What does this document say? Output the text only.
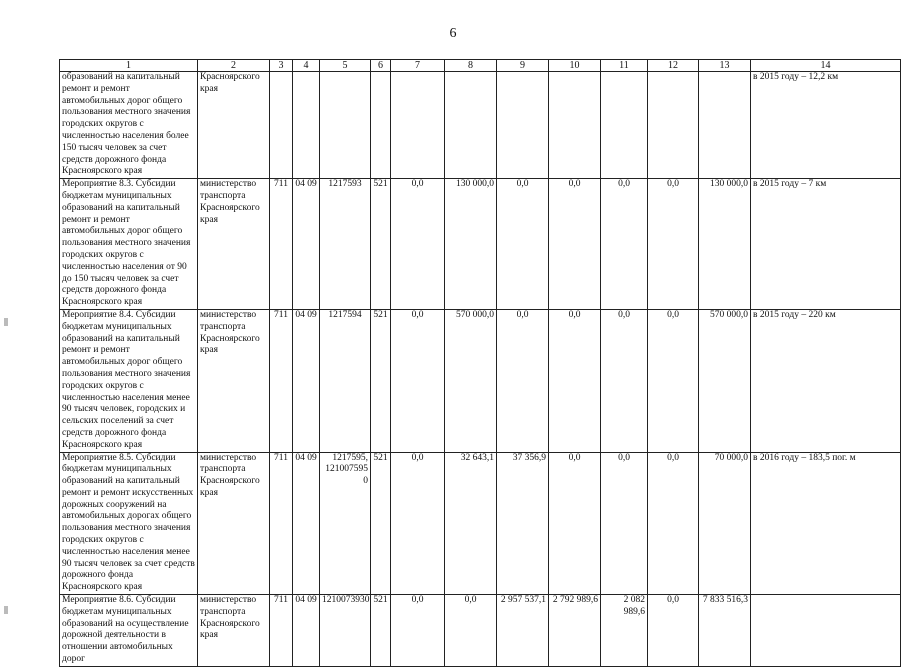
6
1	2	3	4	5	6	7	8	9	10	11	12	13	14
образований на капитальный ремонт и ремонт автомобильных дорог общего пользования местного значения городских округов с численностью населения более 150 тысяч человек за счет средств дорожного фонда Красноярского края	Красноярского края												в 2015 году – 12,2 км
Мероприятие 8.3. Субсидии бюджетам муниципальных образований на капитальный ремонт и ремонт автомобильных дорог общего пользования местного значения городских округов с численностью населения от 90 до 150 тысяч человек за счет средств дорожного фонда Красноярского края	министерство транспорта Красноярского края	711	04 09	1217593	521	0,0	130 000,0	0,0	0,0	0,0	0,0	130 000,0	в 2015 году – 7 км
Мероприятие 8.4. Субсидии бюджетам муниципальных образований на капитальный ремонт и ремонт автомобильных дорог общего пользования местного значения городских округов с численностью населения менее 90 тысяч человек, городских и сельских поселений за счет средств дорожного фонда Красноярского края	министерство транспорта Красноярского края	711	04 09	1217594	521	0,0	570 000,0	0,0	0,0	0,0	0,0	570 000,0	в 2015 году – 220 км
Мероприятие 8.5. Субсидии бюджетам муниципальных образований на капитальный ремонт и ремонт искусственных дорожных сооружений на автомобильных дорогах общего пользования местного значения городских округов с численностью населения менее 90 тысяч человек за счет средств дорожного фонда Красноярского края	министерство транспорта Красноярского края	711	04 09	1217595, 1210075950	521	0,0	32 643,1	37 356,9	0,0	0,0	0,0	70 000,0	в 2016 году – 183,5 пог. м
Мероприятие 8.6. Субсидии бюджетам муниципальных образований на осуществление дорожной деятельности в отношении автомобильных дорог	министерство транспорта Красноярского края	711	04 09	1210073930	521	0,0	0,0	2 957 537,1	2 792 989,6	2 082 989,6	0,0	7 833 516,3	
